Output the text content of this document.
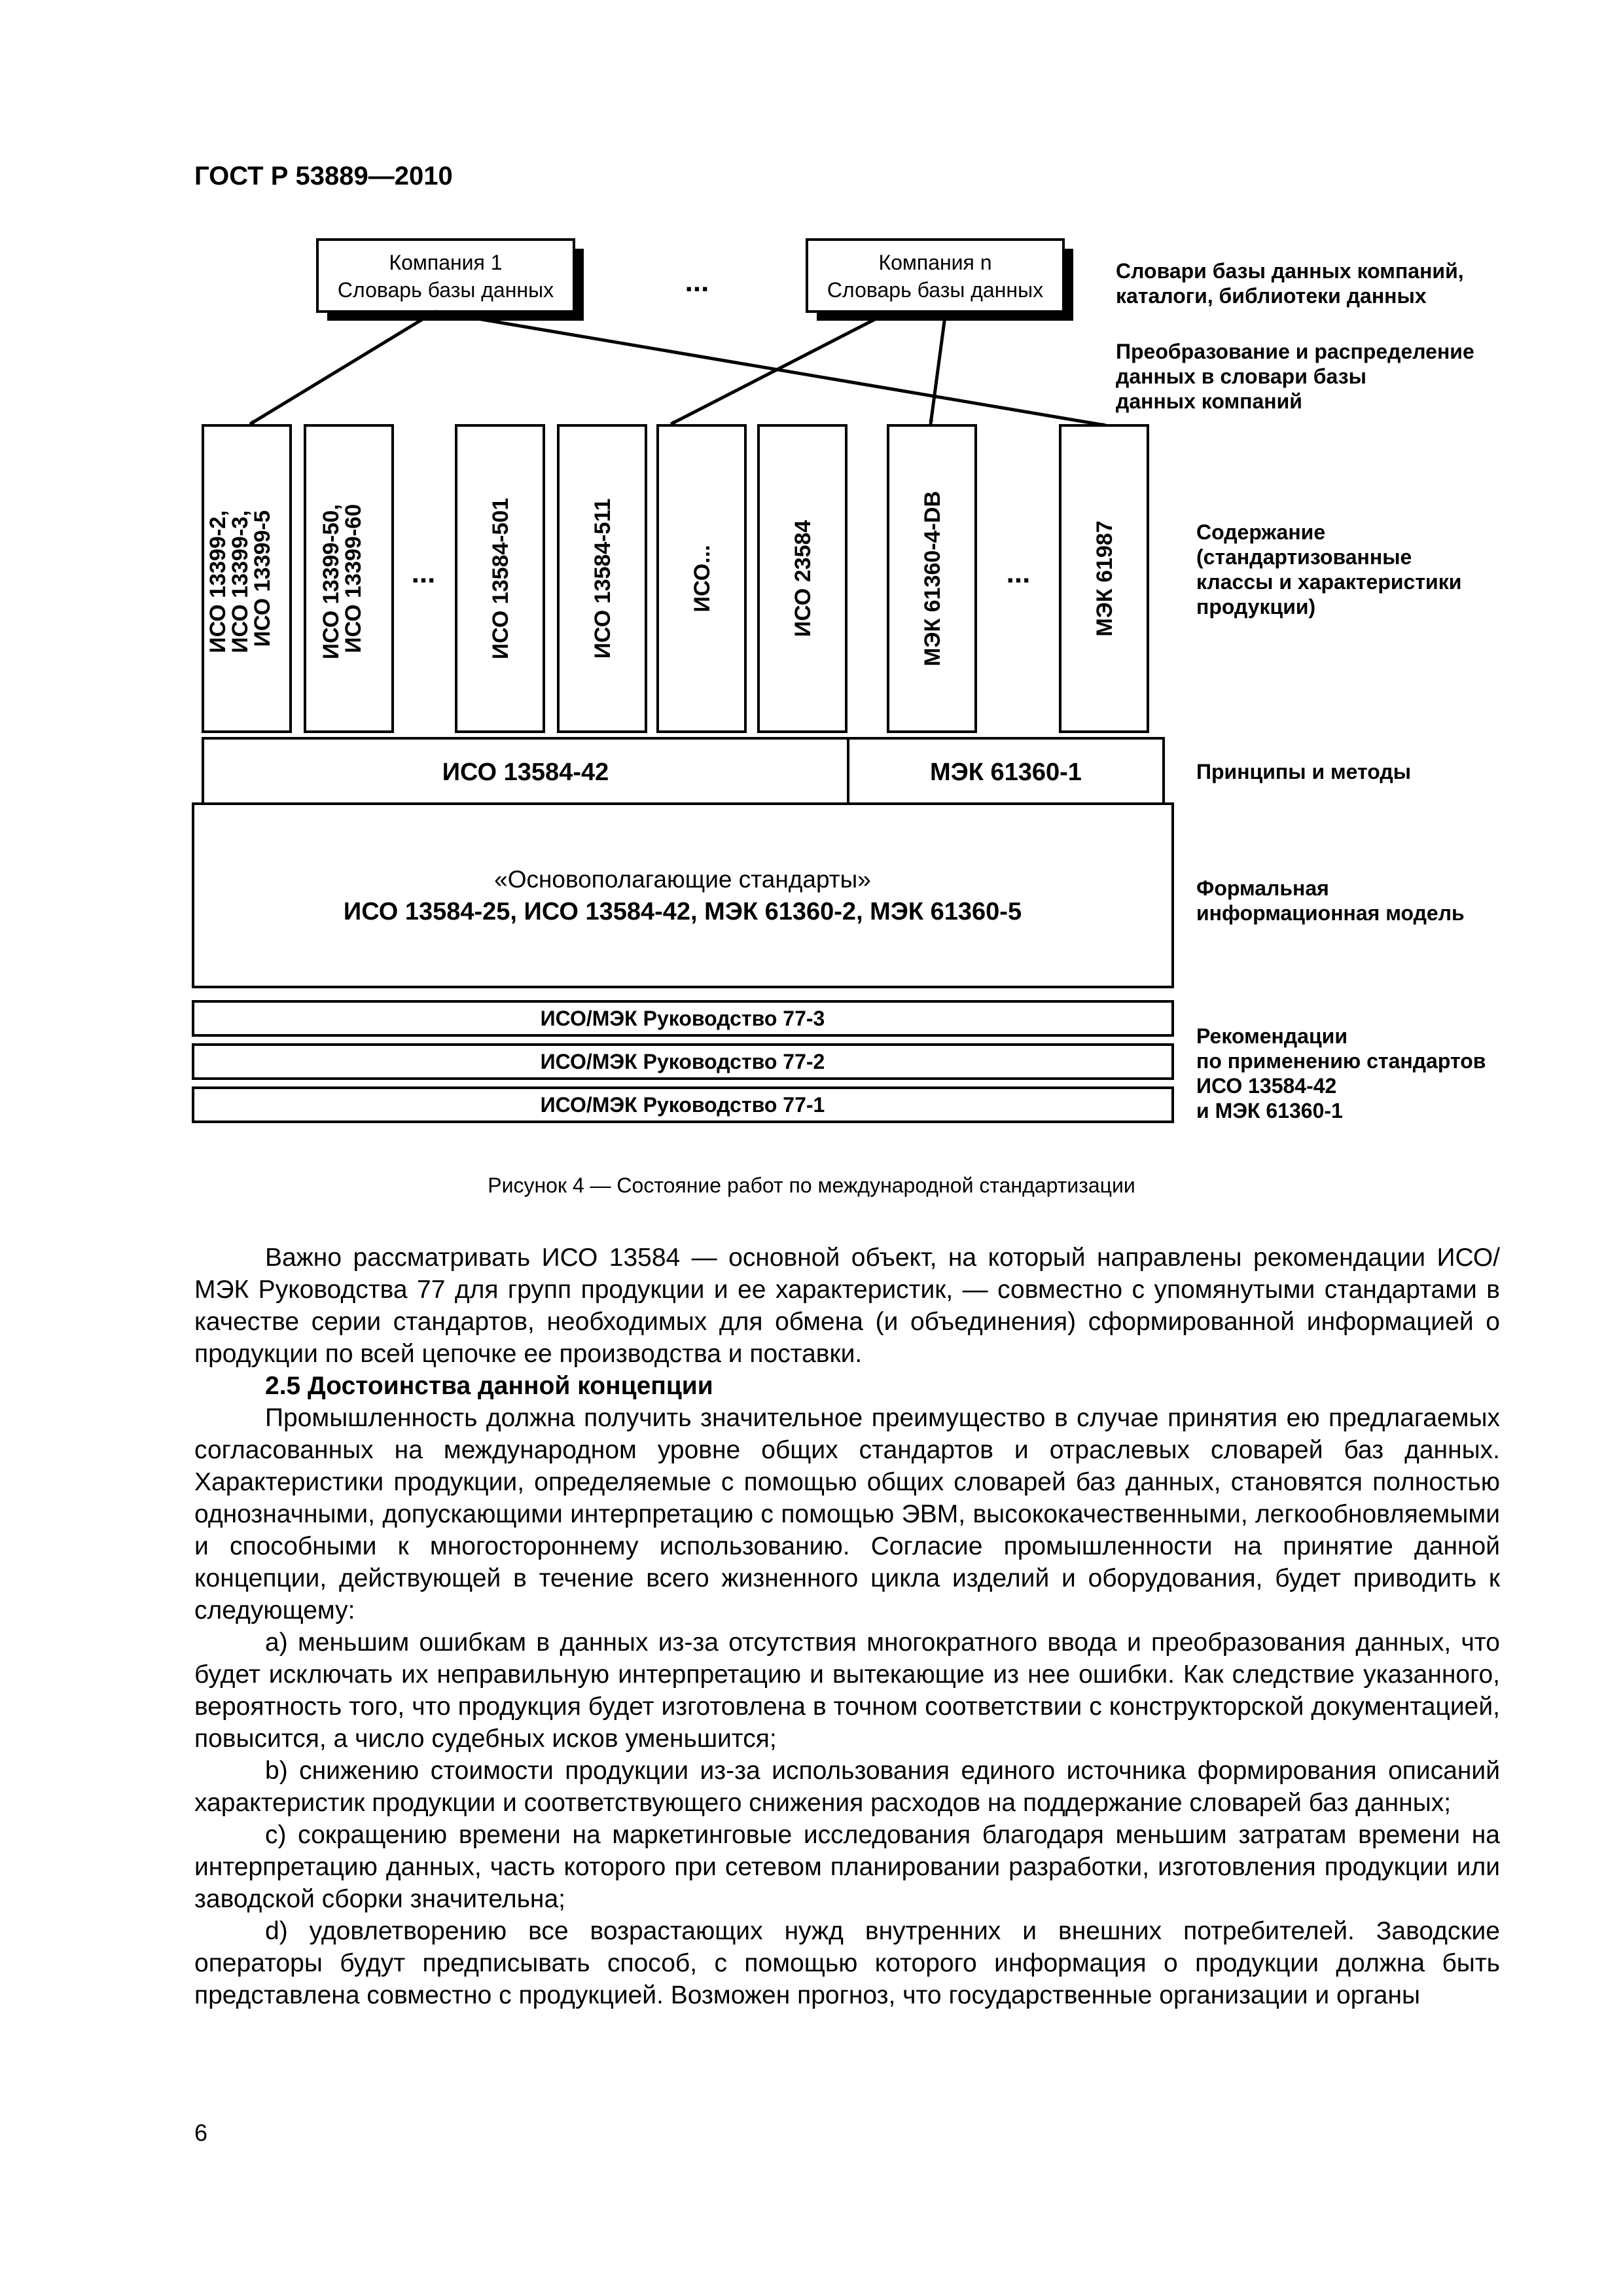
ГОСТ Р 53889—2010
Компания 1
Словарь базы данных	...
Компания n
Словарь базы данных
ИСО 13399-2, ИСО 13399-3, ИСО 13399-5 ИСО 13399-50, ИСО 13399-60	ИСО 13584-501	ИСО 13584-511	ИСО...	ИСО 23584	МЭК 61360-4-DB	МЭК 61987
...	...
ИСО 13584-42	МЭК 61360-1
«Основополагающие стандарты»
ИСО 13584-25, ИСО 13584-42, МЭК 61360-2, МЭК 61360-5
ИСО/МЭК Руководство 77-3
ИСО/МЭК Руководство 77-2
ИСО/МЭК Руководство 77-1
Словари базы данных компаний,
каталоги, библиотеки данных
Преобразование и распределение
данных в словари базы
данных компаний
Содержание
(стандартизованные
классы и характеристики
продукции)
Принципы и методы
Формальная
информационная модель
Рекомендации
по применению стандартов
ИСО 13584-42
и МЭК 61360-1
Рисунок 4 — Состояние работ по международной стандартизации

Важно рассматривать ИСО 13584 — основной объект, на который направлены рекомендации ИСО/МЭК Руководства 77 для групп продукции и ее характеристик, — совместно с упомянутыми стандартами в качестве серии стандартов, необходимых для обмена (и объединения) сформированной информацией о продукции по всей цепочке ее производства и поставки.

2.5 Достоинства данной концепции

Промышленность должна получить значительное преимущество в случае принятия ею предлагаемых согласованных на международном уровне общих стандартов и отраслевых словарей баз данных. Характеристики продукции, определяемые с помощью общих словарей баз данных, становятся полностью однозначными, допускающими интерпретацию с помощью ЭВМ, высококачественными, легкообновляемыми и способными к многостороннему использованию. Согласие промышленности на принятие данной концепции, действующей в течение всего жизненного цикла изделий и оборудования, будет приводить к следующему:

a) меньшим ошибкам в данных из-за отсутствия многократного ввода и преобразования данных, что будет исключать их неправильную интерпретацию и вытекающие из нее ошибки. Как следствие указанного, вероятность того, что продукция будет изготовлена в точном соответствии с конструкторской документацией, повысится, а число судебных исков уменьшится;

b) снижению стоимости продукции из-за использования единого источника формирования описаний характеристик продукции и соответствующего снижения расходов на поддержание словарей баз данных;

c) сокращению времени на маркетинговые исследования благодаря меньшим затратам времени на интерпретацию данных, часть которого при сетевом планировании разработки, изготовления продукции или заводской сборки значительна;

d) удовлетворению все возрастающих нужд внутренних и внешних потребителей. Заводские операторы будут предписывать способ, с помощью которого информация о продукции должна быть представлена совместно с продукцией. Возможен прогноз, что государственные организации и органы

6
